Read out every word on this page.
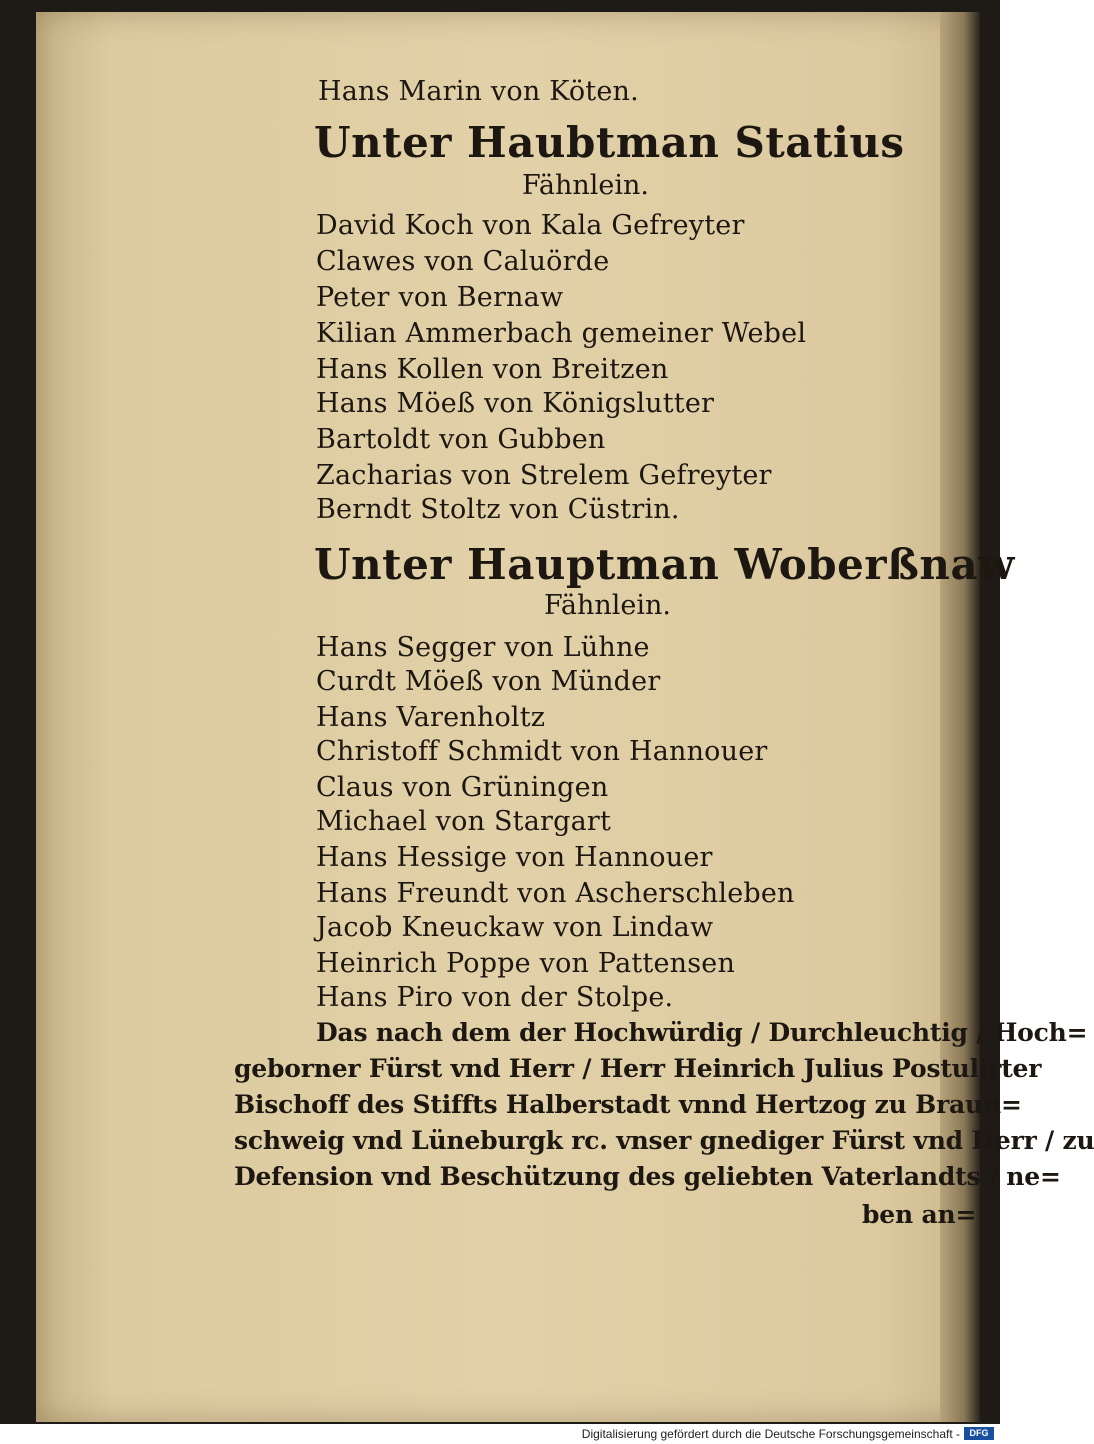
Hans Marin von Köten.
Unter Haubtman Statius
Fähnlein.
David Koch von Kala Gefreyter
Clawes von Caluörde
Peter von Bernaw
Kilian Ammerbach gemeiner Webel
Hans Kollen von Breitzen
Hans Möeß von Königslutter
Bartoldt von Gubben
Zacharias von Strelem Gefreyter
Berndt Stoltz von Cüstrin.
Unter Hauptman Woberßnaw
Fähnlein.
Hans Segger von Lühne
Curdt Möeß von Münder
Hans Varenholtz
Christoff Schmidt von Hannouer
Claus von Grüningen
Michael von Stargart
Hans Hessige von Hannouer
Hans Freundt von Ascherschleben
Jacob Kneuckaw von Lindaw
Heinrich Poppe von Pattensen
Hans Piro von der Stolpe.
Das nach dem der Hochwürdig / Durchleuchtig / Hoch=
geborner Fürst vnd Herr / Herr Heinrich Julius Postulirter
Bischoff des Stiffts Halberstadt vnnd Hertzog zu Braun=
schweig vnd Lüneburgk rc. vnser gnediger Fürst vnd Herr / zu
Defension vnd Beschützung des geliebten Vaterlandts / ne=
ben an=
Digitalisierung gefördert durch die Deutsche Forschungsgemeinschaft -	DFG
